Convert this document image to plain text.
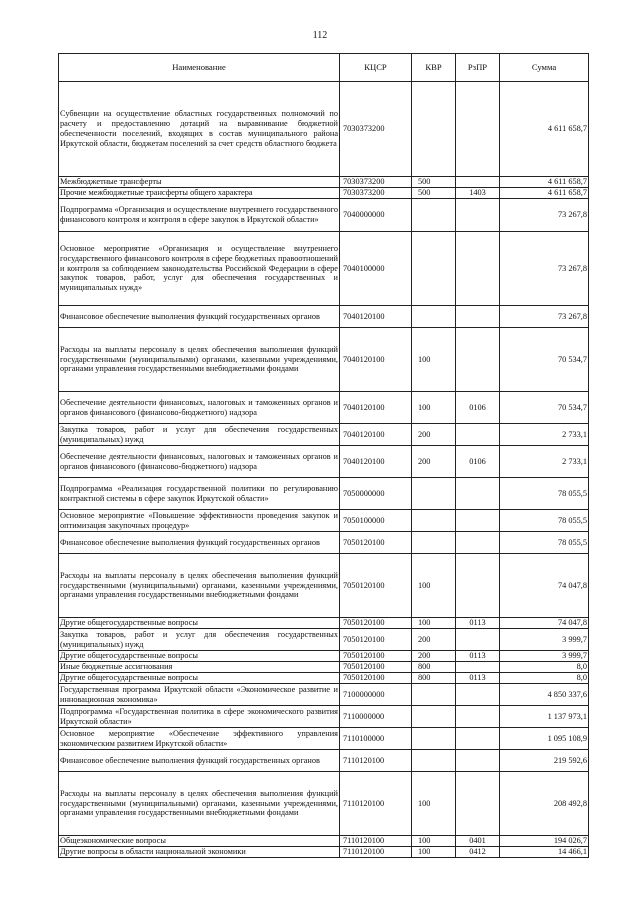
112
Наименование	КЦСР	КВР	РзПР	Сумма
Субвенции на осуществление областных государственных полномочий по расчету и предоставлению дотаций на выравнивание бюджетной обеспеченности поселений, входящих в состав муниципального района Иркутской области, бюджетам поселений за счет средств областного бюджета	7030373200			4 611 658,7
Межбюджетные трансферты	7030373200	500		4 611 658,7
Прочие межбюджетные трансферты общего характера	7030373200	500	1403	4 611 658,7
Подпрограмма «Организация и осуществление внутреннего государственного финансового контроля и контроля в сфере закупок в Иркутской области»	7040000000			73 267,8
Основное мероприятие «Организация и осуществление внутреннего государственного финансового контроля в сфере бюджетных правоотношений и контроля за соблюдением законодательства Российской Федерации в сфере закупок товаров, работ, услуг для обеспечения государственных и муниципальных нужд»	7040100000			73 267,8
Финансовое обеспечение выполнения функций государственных органов	7040120100			73 267,8
Расходы на выплаты персоналу в целях обеспечения выполнения функций государственными (муниципальными) органами, казенными учреждениями, органами управления государственными внебюджетными фондами	7040120100	100		70 534,7
Обеспечение деятельности финансовых, налоговых и таможенных органов и органов финансового (финансово-бюджетного) надзора	7040120100	100	0106	70 534,7
Закупка товаров, работ и услуг для обеспечения государственных (муниципальных) нужд	7040120100	200		2 733,1
Обеспечение деятельности финансовых, налоговых и таможенных органов и органов финансового (финансово-бюджетного) надзора	7040120100	200	0106	2 733,1
Подпрограмма «Реализация государственной политики по регулированию контрактной системы в сфере закупок Иркутской области»	7050000000			78 055,5
Основное мероприятие «Повышение эффективности проведения закупок и оптимизация закупочных процедур»	7050100000			78 055,5
Финансовое обеспечение выполнения функций государственных органов	7050120100			78 055,5
Расходы на выплаты персоналу в целях обеспечения выполнения функций государственными (муниципальными) органами, казенными учреждениями, органами управления государственными внебюджетными фондами	7050120100	100		74 047,8
Другие общегосударственные вопросы	7050120100	100	0113	74 047,8
Закупка товаров, работ и услуг для обеспечения государственных (муниципальных) нужд	7050120100	200		3 999,7
Другие общегосударственные вопросы	7050120100	200	0113	3 999,7
Иные бюджетные ассигнования	7050120100	800		8,0
Другие общегосударственные вопросы	7050120100	800	0113	8,0
Государственная программа Иркутской области «Экономическое развитие и инновационная экономика»	7100000000			4 850 337,6
Подпрограмма «Государственная политика в сфере экономического развития Иркутской области»	7110000000			1 137 973,1
Основное мероприятие «Обеспечение эффективного управления экономическим развитием Иркутской области»	7110100000			1 095 108,9
Финансовое обеспечение выполнения функций государственных органов	7110120100			219 592,6
Расходы на выплаты персоналу в целях обеспечения выполнения функций государственными (муниципальными) органами, казенными учреждениями, органами управления государственными внебюджетными фондами	7110120100	100		208 492,8
Общеэкономические вопросы	7110120100	100	0401	194 026,7
Другие вопросы в области национальной экономики	7110120100	100	0412	14 466,1
